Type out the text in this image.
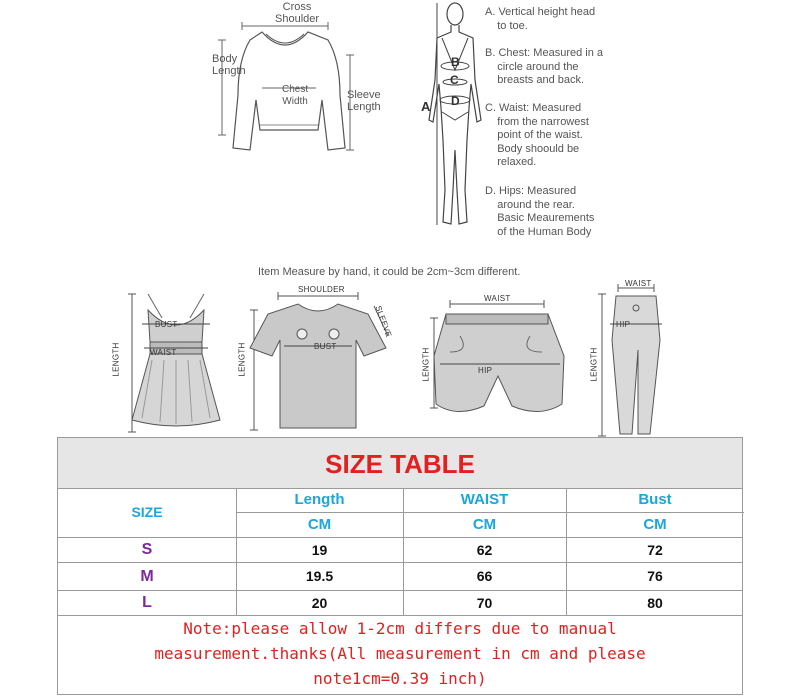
Cross
Shoulder
Body
Length
Chest
Width
Sleeve
Length	A
B
C
D
A. Vertical height head
to toe.
B. Chest: Measured in a
circle around the
breasts and back.
C. Waist: Measured
from the narrowest
point of the waist.
Body shoould be
relaxed.
D. Hips: Measured
around the rear.
Basic Meaurements
of the Human Body
Item Measure by hand, it could be 2cm~3cm different.
BUST
WAIST
LENGTH
SHOULDER
SLEEVE
BUST
LENGTH
WAIST
HIP
LENGTH
WAIST
HIP
LENGTH
SIZE TABLE
SIZE
Length	WAIST	Bust
CM	CM	CM
S	19	62	72
M	19.5	66	76
L	20	70	80
Note:please allow 1-2cm differs due to manual
measurement.thanks(All measurement in cm and please
note1cm=0.39 inch)
